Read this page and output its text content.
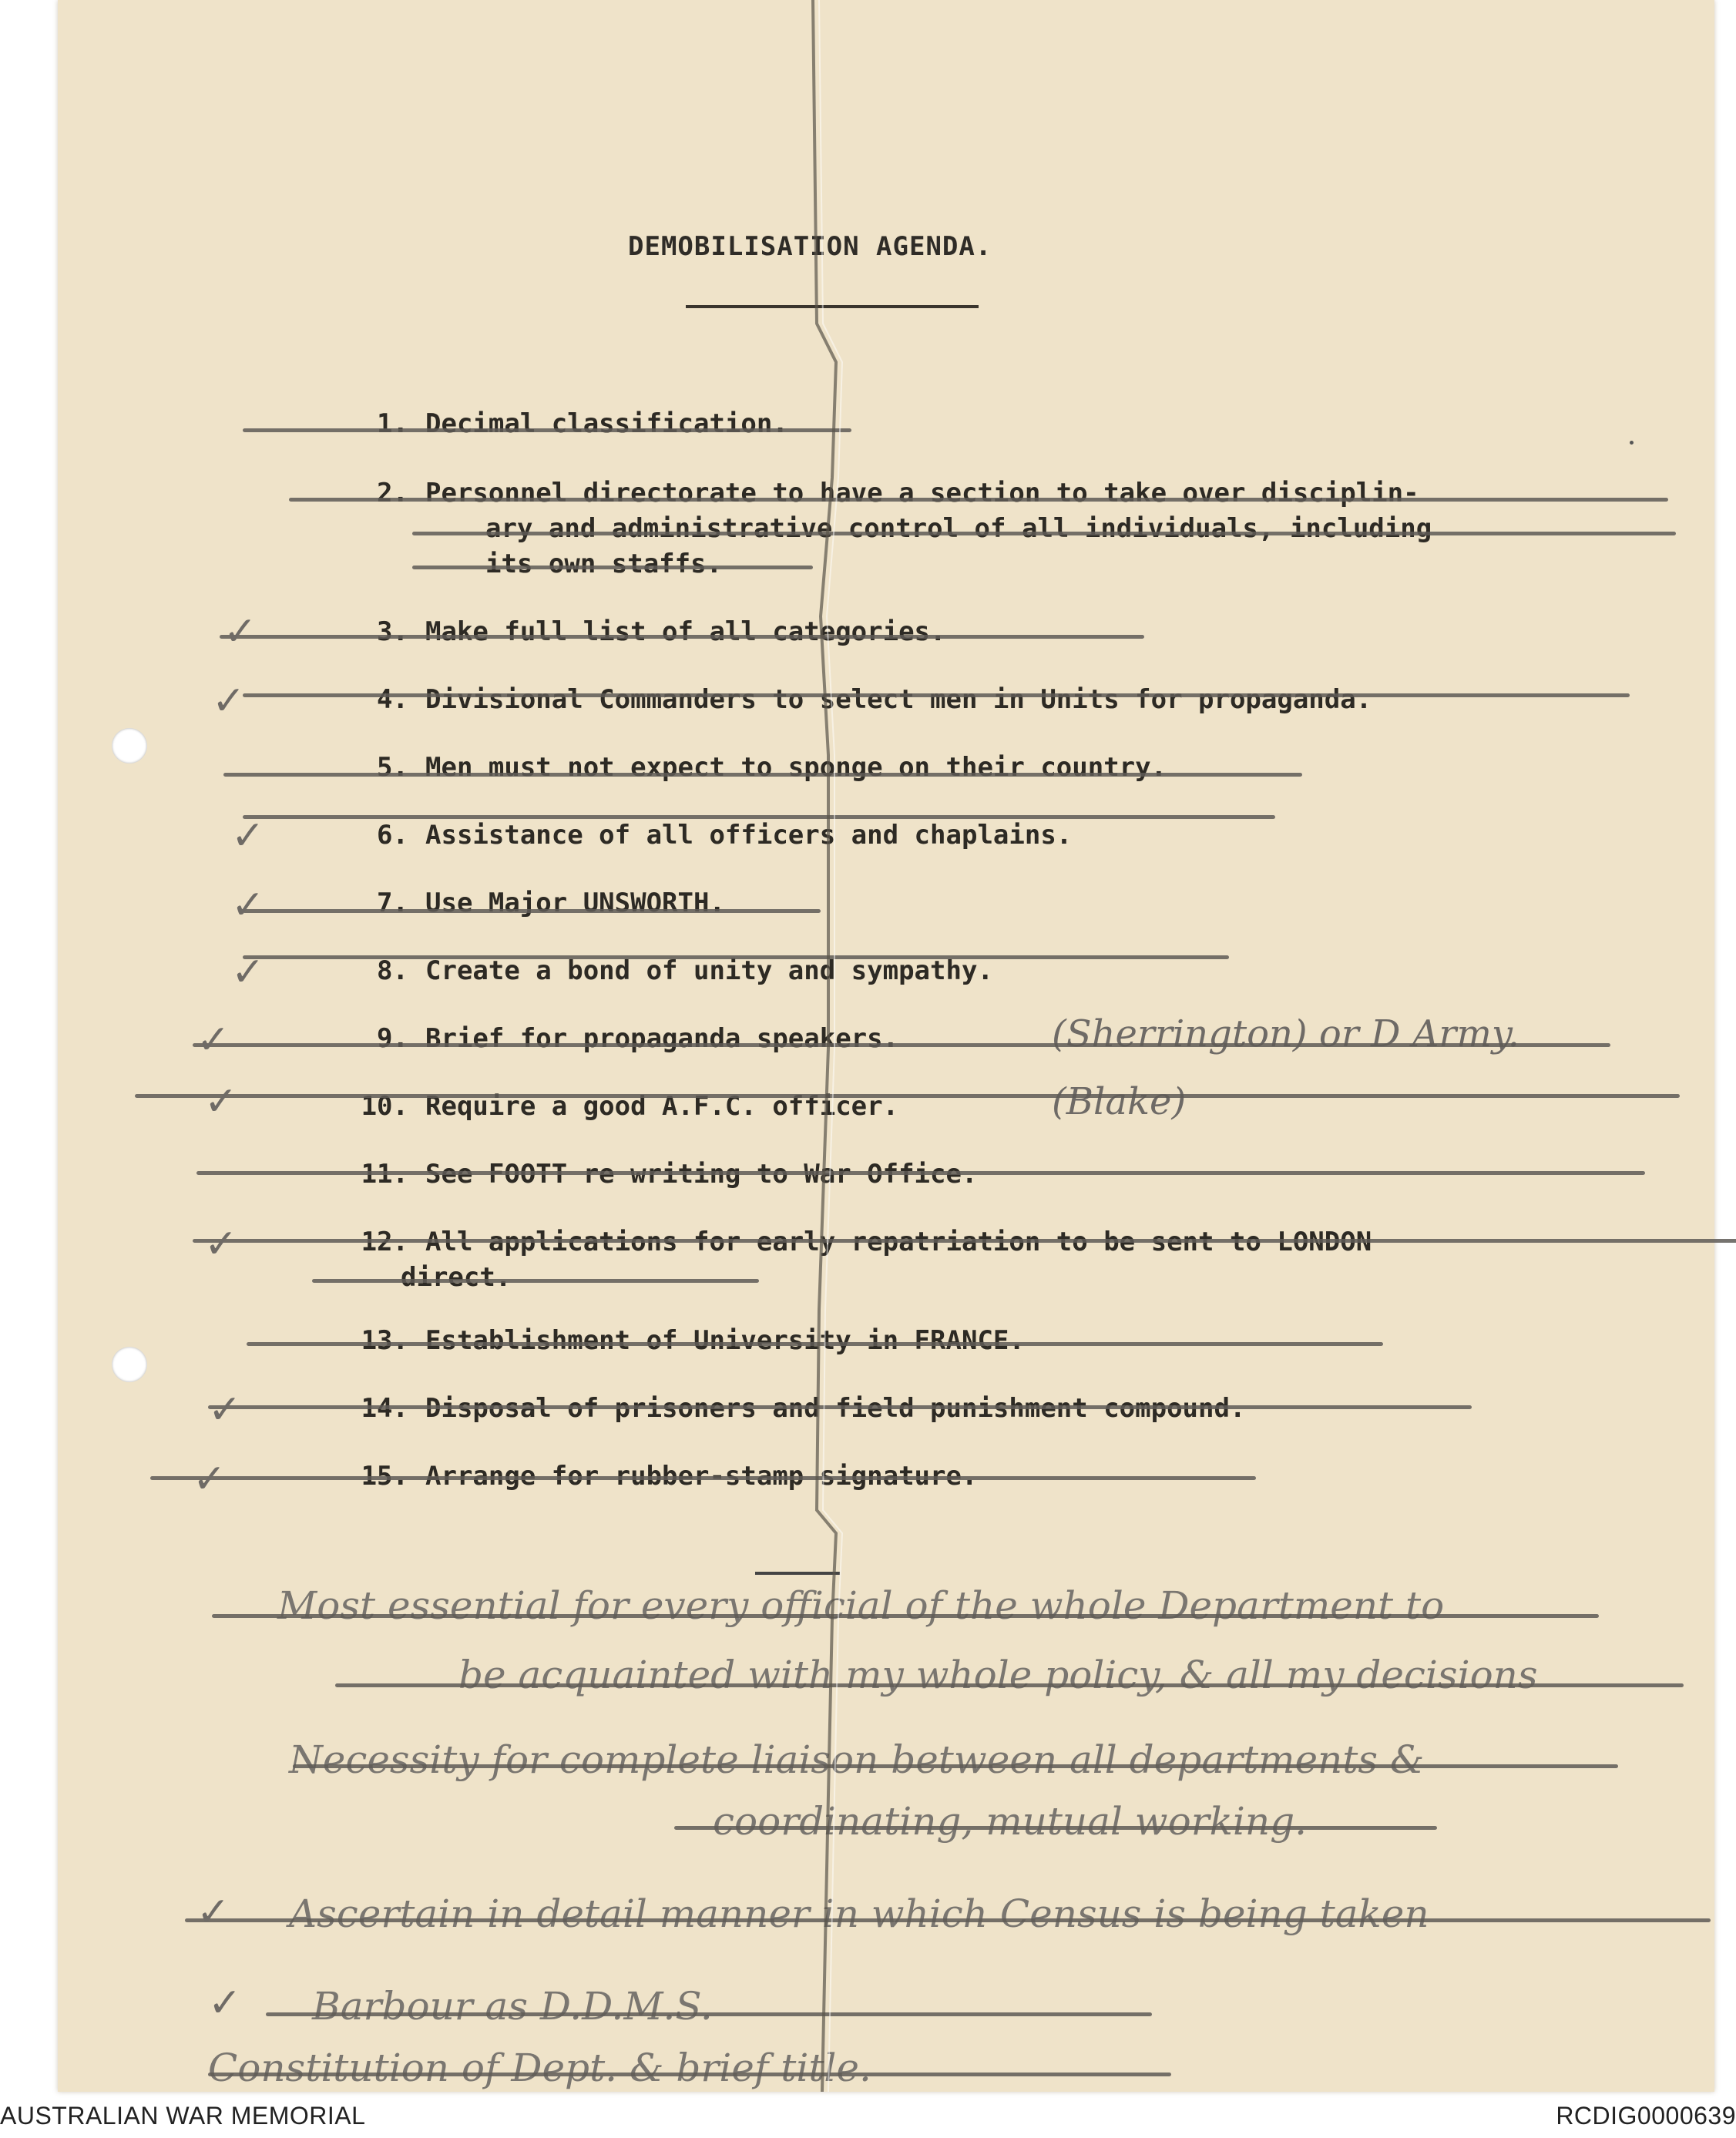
DEMOBILISATION AGENDA.
1. Decimal classification.
2. Personnel directorate to have a section to take over disciplin-
ary and administrative control of all individuals, including
its own staffs.
3. Make full list of all categories.
4. Divisional Commanders to select men in Units for propaganda.
5. Men must not expect to sponge on their country.
6. Assistance of all officers and chaplains.
7. Use Major UNSWORTH.
8. Create a bond of unity and sympathy.
9. Brief for propaganda speakers.
10. Require a good A.F.C. officer.
11. See FOOTT re writing to War Office.
12. All applications for early repatriation to be sent to LONDON
direct.
13. Establishment of University in FRANCE.
14. Disposal of prisoners and field punishment compound.
15. Arrange for rubber-stamp signature.
(Sherrington) or D Army.
(Blake)
Most essential for every official of the whole Department to
be acquainted with my whole policy, & all my decisions
Necessity for complete liaison between all departments &
coordinating, mutual working.
Ascertain in detail manner in which Census is being taken
Barbour as D.D.M.S.
Constitution of Dept. & brief title.
✓
✓
✓
✓
✓
✓
✓
✓
✓
✓
✓
✓
AUSTRALIAN WAR MEMORIAL	RCDIG0000639
